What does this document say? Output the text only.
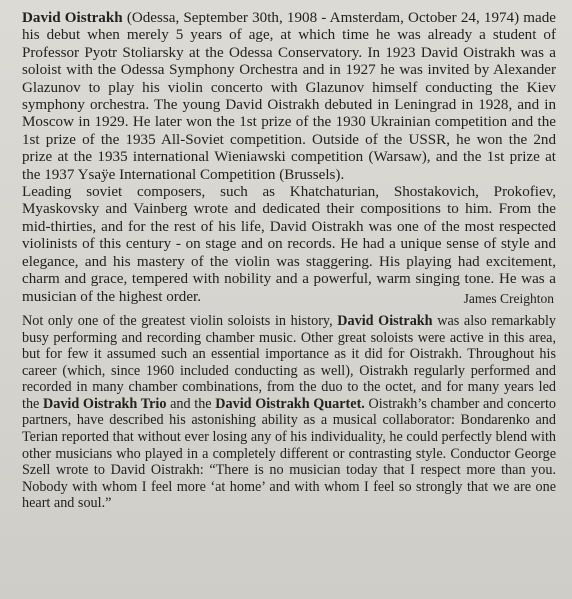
David Oistrakh (Odessa, September 30th, 1908 - Amsterdam, October 24, 1974) made his debut when merely 5 years of age, at which time he was already a student of Professor Pyotr Stoliarsky at the Odessa Conservatory. In 1923 David Oistrakh was a soloist with the Odessa Symphony Orchestra and in 1927 he was invited by Alexander Glazunov to play his violin concerto with Glazunov himself conducting the Kiev symphony orchestra. The young David Oistrakh debuted in Leningrad in 1928, and in Moscow in 1929. He later won the 1st prize of the 1930 Ukrainian competition and the 1st prize of the 1935 All-Soviet competition. Outside of the USSR, he won the 2nd prize at the 1935 international Wieniawski competition (Warsaw), and the 1st prize at the 1937 Ysaÿe International Competition (Brussels).

Leading soviet composers, such as Khatchaturian, Shostakovich, Prokofiev, Myaskovsky and Vainberg wrote and dedicated their compositions to him. From the mid-thirties, and for the rest of his life, David Oistrakh was one of the most respected violinists of this century - on stage and on records. He had a unique sense of style and elegance, and his mastery of the violin was staggering. His playing had excitement, charm and grace, tempered with nobility and a powerful, warm singing tone. He was a musician of the highest order.	James Creighton

Not only one of the greatest violin soloists in history, David Oistrakh was also remarkably busy performing and recording chamber music. Other great soloists were active in this area, but for few it assumed such an essential importance as it did for Oistrakh. Throughout his career (which, since 1960 included conducting as well), Oistrakh regularly performed and recorded in many chamber combinations, from the duo to the octet, and for many years led the David Oistrakh Trio and the David Oistrakh Quartet. Oistrakh’s chamber and concerto partners, have described his astonishing ability as a musical collaborator: Bondarenko and Terian reported that without ever losing any of his individuality, he could perfectly blend with other musicians who played in a completely different or contrasting style. Conductor George Szell wrote to David Oistrakh: “There is no musician today that I respect more than you. Nobody with whom I feel more ‘at home’ and with whom I feel so strongly that we are one heart and soul.”
